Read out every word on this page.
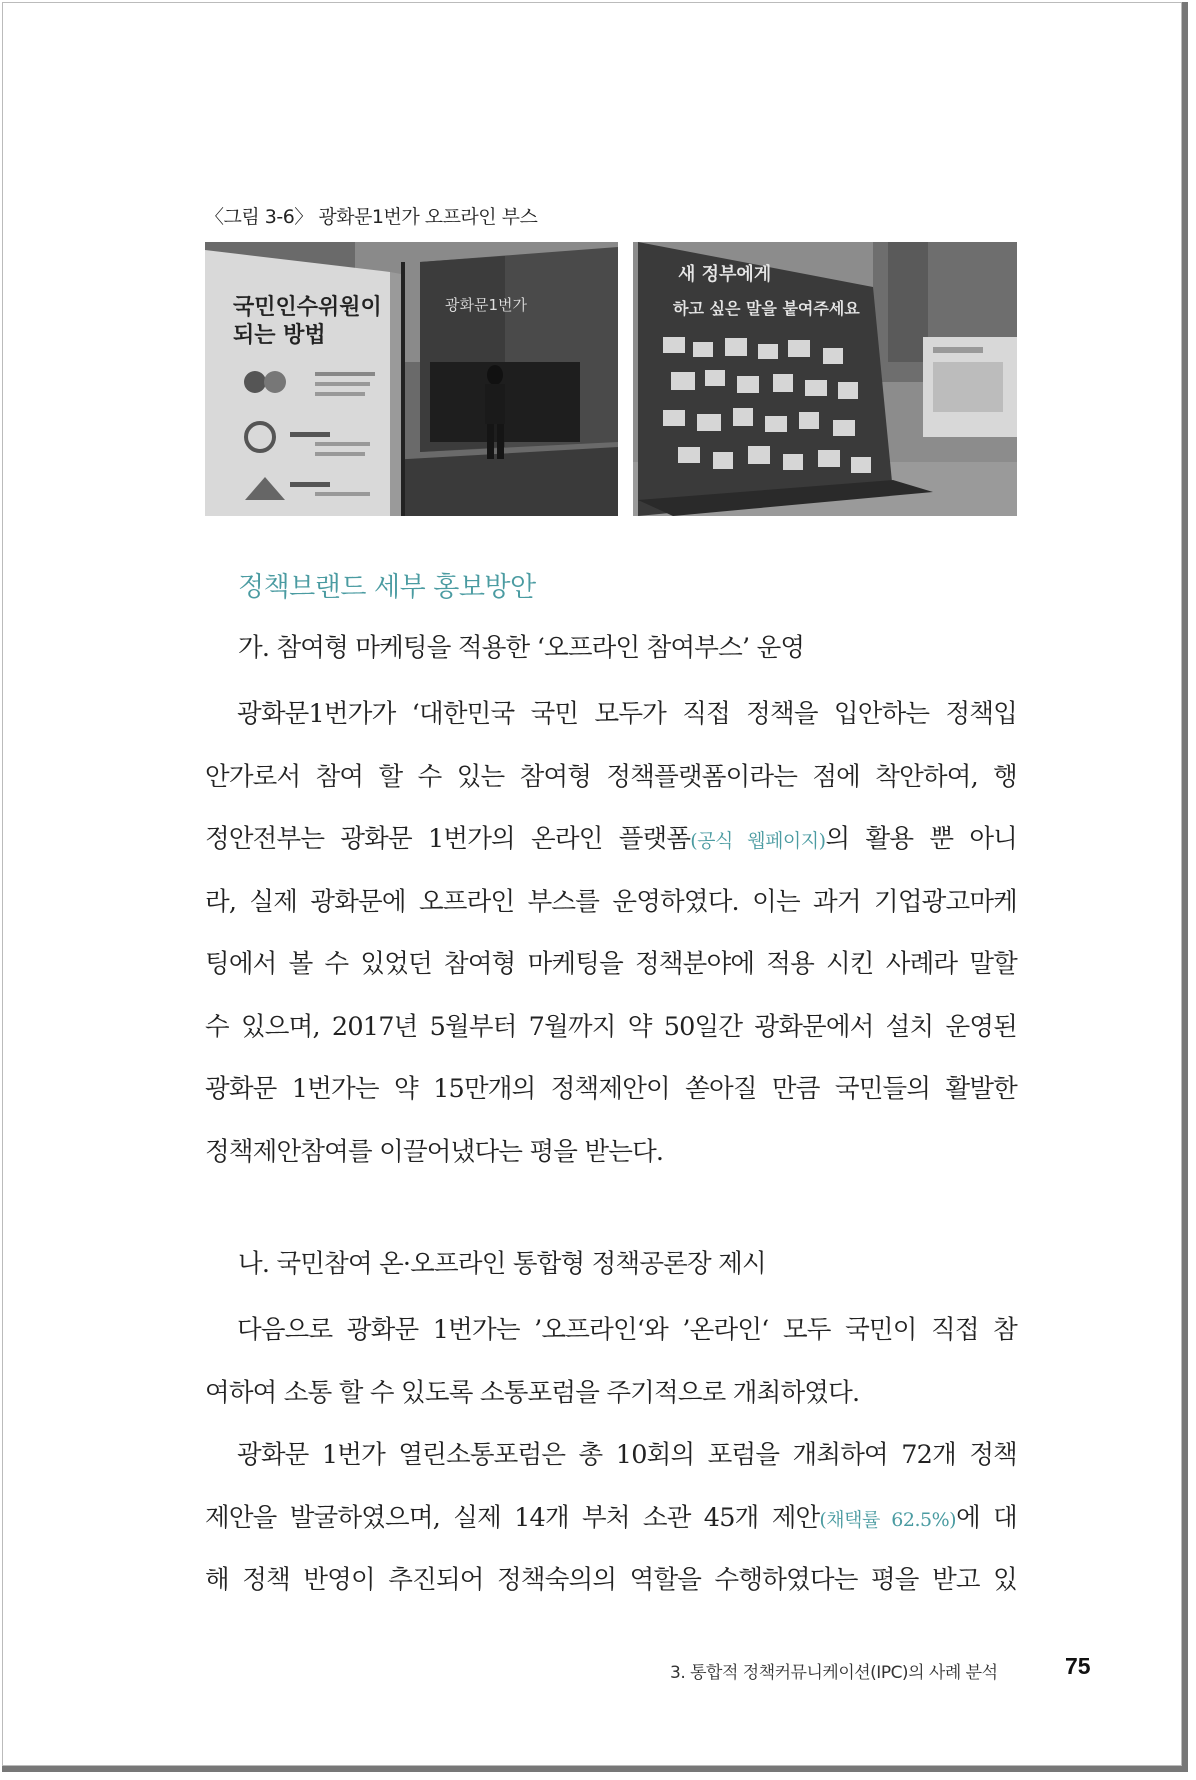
〈그림 3-6〉 광화문1번가 오프라인 부스
광화문1번가
국민인수위원이
되는 방법
새 정부에게
하고 싶은 말을 붙여주세요
정책브랜드 세부 홍보방안
가. 참여형 마케팅을 적용한 ‘오프라인 참여부스’ 운영
광화문1번가가 ‘대한민국 국민 모두가 직접 정책을 입안하는 정책입
안가로서 참여 할 수 있는 참여형 정책플랫폼이라는 점에 착안하여, 행
정안전부는 광화문 1번가의 온라인 플랫폼(공식 웹페이지)의 활용 뿐 아니
라, 실제 광화문에 오프라인 부스를 운영하였다. 이는 과거 기업광고마케
팅에서 볼 수 있었던 참여형 마케팅을 정책분야에 적용 시킨 사례라 말할
수 있으며, 2017년 5월부터 7월까지 약 50일간 광화문에서 설치 운영된
광화문 1번가는 약 15만개의 정책제안이 쏟아질 만큼 국민들의 활발한
정책제안참여를 이끌어냈다는 평을 받는다.
나. 국민참여 온·오프라인 통합형 정책공론장 제시
다음으로 광화문 1번가는 ’오프라인‘와 ’온라인‘ 모두 국민이 직접 참
여하여 소통 할 수 있도록 소통포럼을 주기적으로 개최하였다.
광화문 1번가 열린소통포럼은 총 10회의 포럼을 개최하여 72개 정책
제안을 발굴하였으며, 실제 14개 부처 소관 45개 제안(채택률 62.5%)에 대
해 정책 반영이 추진되어 정책숙의의 역할을 수행하였다는 평을 받고 있
3. 통합적 정책커뮤니케이션(IPC)의 사례 분석	75
